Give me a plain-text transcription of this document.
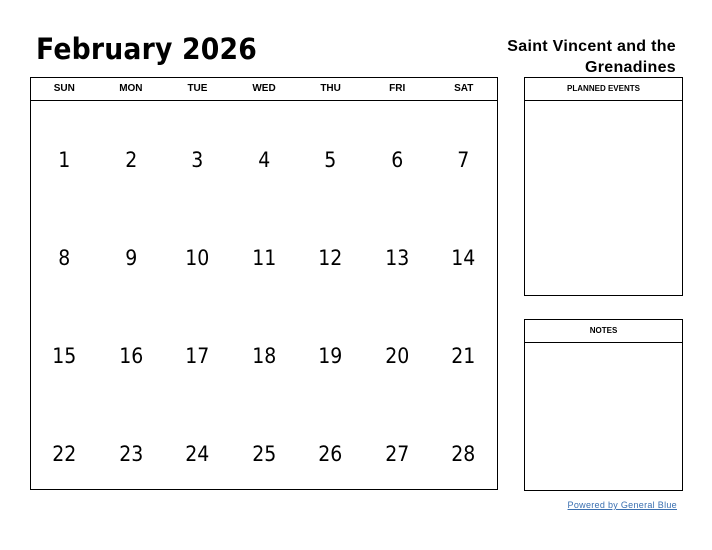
February 2026	Saint Vincent and the Grenadines
SUN	MON	TUE	WED	THU	FRI	SAT
1	2	3	4	5	6	7
8	9	10	11	12	13	14
15	16	17	18	19	20	21
22	23	24	25	26	27	28
PLANNED EVENTS
NOTES
Powered by General Blue
